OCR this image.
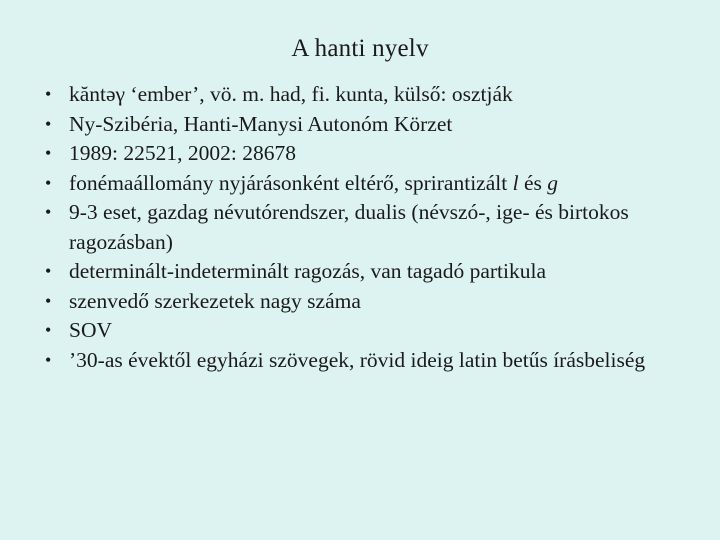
A hanti nyelv
• kăntəγ ‘ember’, vö. m. had, fi. kunta, külső: osztják
• Ny-Szibéria, Hanti-Manysi Autonóm Körzet
• 1989: 22521, 2002: 28678
• fonémaállomány nyjárásonként eltérő, sprirantizált l és g
• 9-3 eset, gazdag névutórendszer, dualis (névszó-, ige- és birtokos ragozásban)
• determinált-indeterminált ragozás, van tagadó partikula
• szenvedő szerkezetek nagy száma
• SOV
• ’30-as évektől egyházi szövegek, rövid ideig latin betűs írásbeliség
